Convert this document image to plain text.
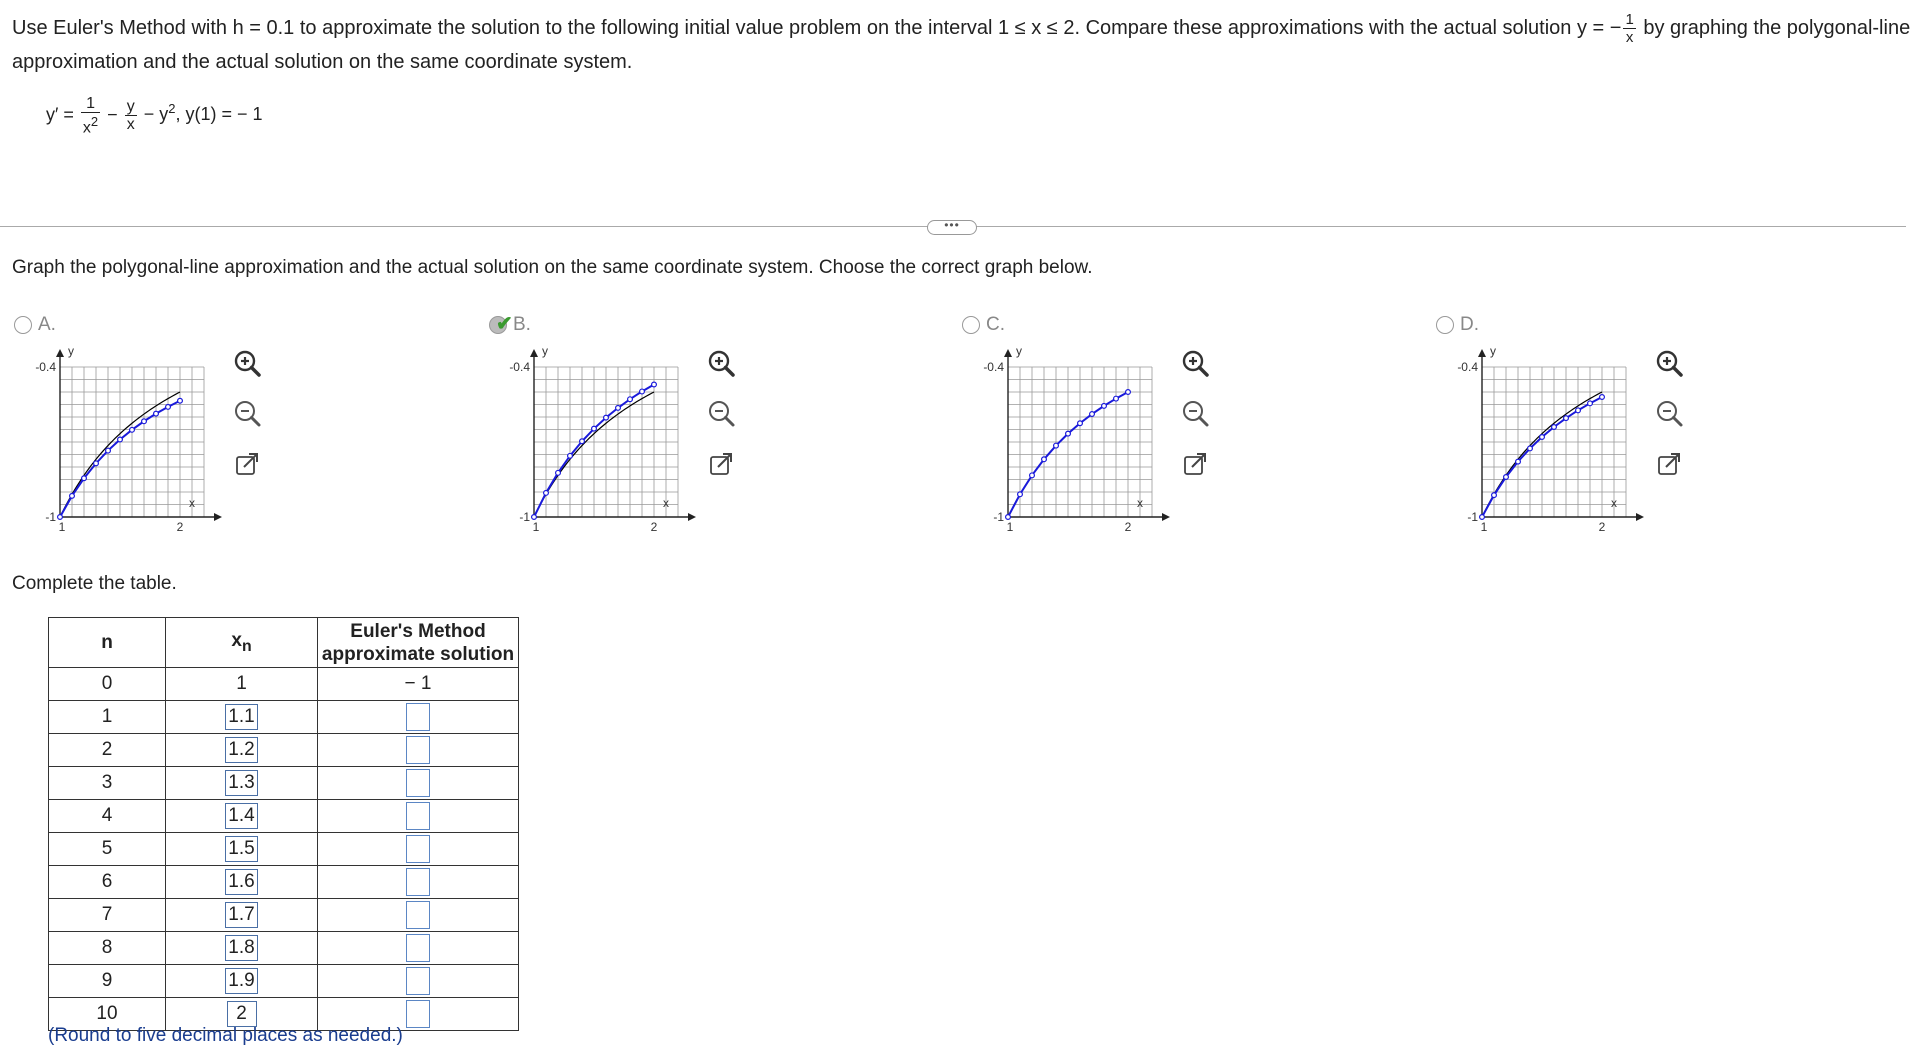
Use Euler's Method with h = 0.1 to approximate the solution to the following initial value problem on the interval 1 ≤ x ≤ 2. Compare these approximations with the actual solution y = − $\frac{1}{x}$ by graphing the polygonal-line
approximation and the actual solution on the same coordinate system.
$y' = \frac{1}{x^2} - \frac{y}{x} - y^2$, y(1) = − 1
•••
Graph the polygonal-line approximation and the actual solution on the same coordinate system. Choose the correct graph below.
A.	✔ B.	C.	D.
y
x
-0.4
-1
1	2
y
x
-0.4
-1
1	2
y
x
-0.4
-1
1	2
y
x
-0.4
-1
1	2
Complete the table.
n	$x_n$	Euler's Method approximate solution
0	1	− 1
1	1.1	
2	1.2	
3	1.3	
4	1.4	
5	1.5	
6	1.6	
7	1.7	
8	1.8	
9	1.9	
10	2	
(Round to five decimal places as needed.)
